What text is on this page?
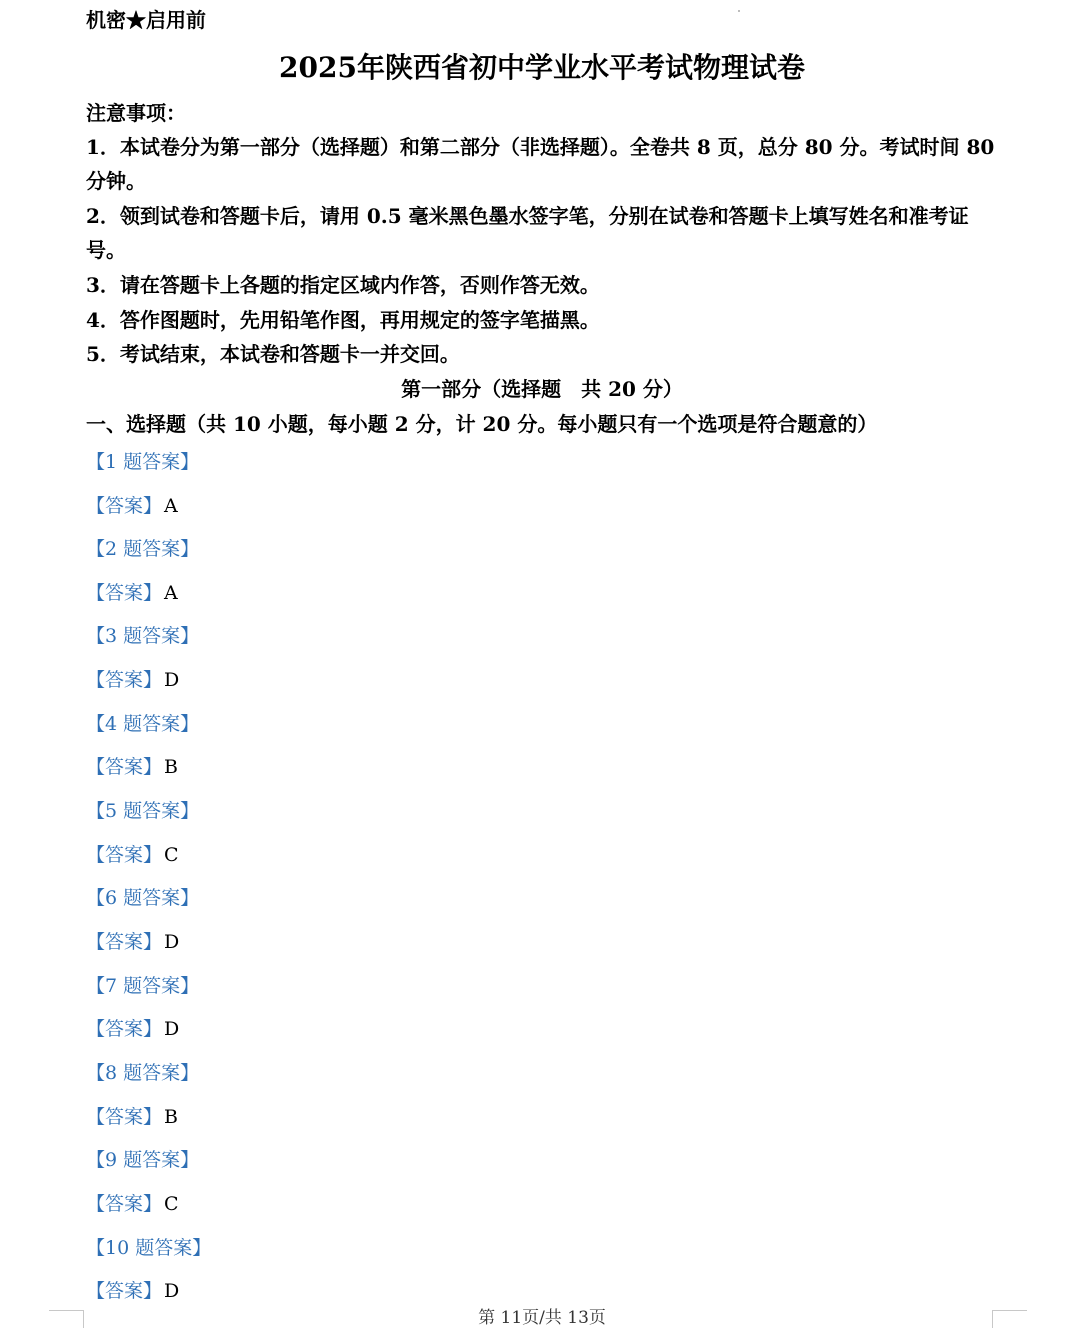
机密★启用前
2025年陕西省初中学业水平考试物理试卷
注意事项：
1．本试卷分为第一部分（选择题）和第二部分（非选择题）。全卷共 8 页，总分 80 分。考试时间 80 分钟。
2．领到试卷和答题卡后，请用 0.5 毫米黑色墨水签字笔，分别在试卷和答题卡上填写姓名和准考证号。
3．请在答题卡上各题的指定区域内作答，否则作答无效。
4．答作图题时，先用铅笔作图，再用规定的签字笔描黑。
5．考试结束，本试卷和答题卡一并交回。
第一部分（选择题　共 20 分）
一、选择题（共 10 小题，每小题 2 分，计 20 分。每小题只有一个选项是符合题意的）
【1 题答案】
【答案】 A
【2 题答案】
【答案】 A
【3 题答案】
【答案】 D
【4 题答案】
【答案】 B
【5 题答案】
【答案】 C
【6 题答案】
【答案】 D
【7 题答案】
【答案】 D
【8 题答案】
【答案】 B
【9 题答案】
【答案】 C
【10 题答案】
【答案】 D
第 11页/共 13页
